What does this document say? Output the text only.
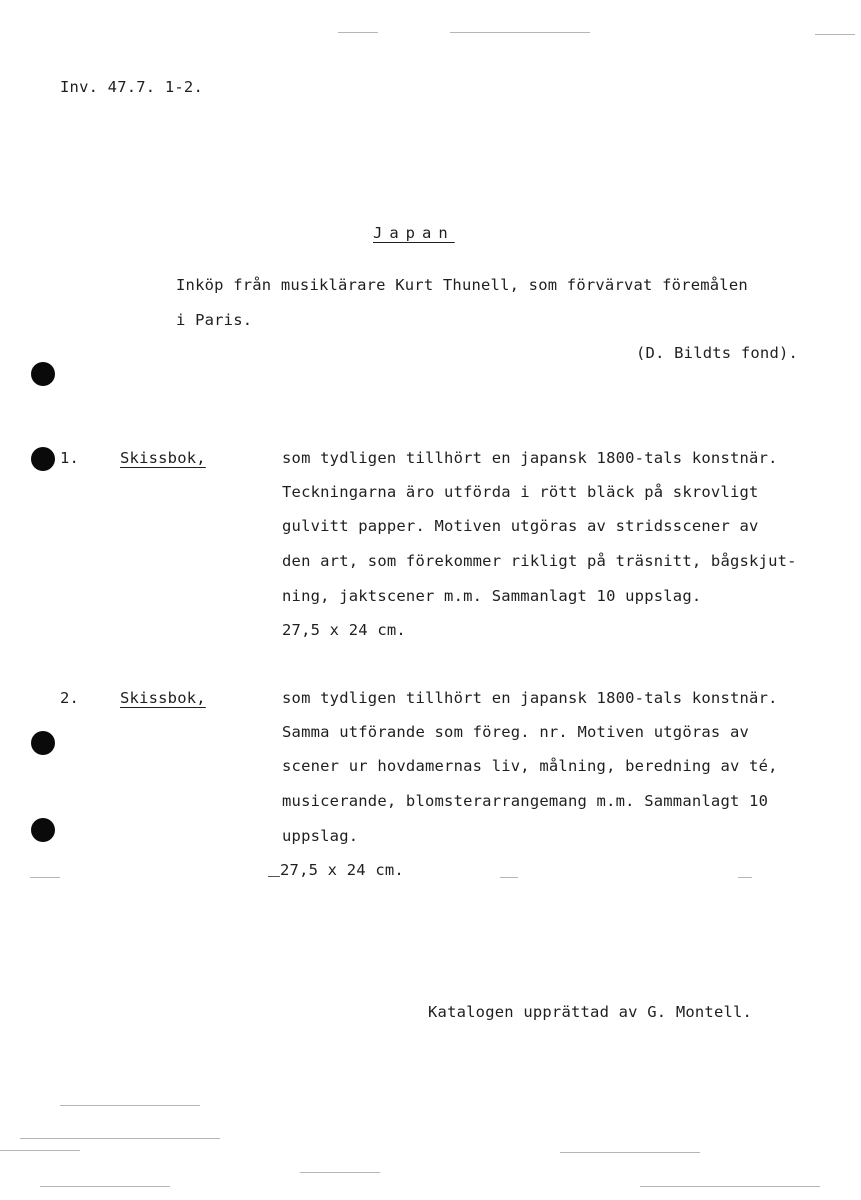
Inv. 47.7. 1-2.
Japan
Inköp från musiklärare Kurt Thunell, som förvärvat föremålen
i Paris.
(D. Bildts fond).
1.	Skissbok,	som tydligen tillhört en japansk 1800-tals konstnär.
Teckningarna äro utförda i rött bläck på skrovligt
gulvitt papper. Motiven utgöras av stridsscener av
den art, som förekommer rikligt på träsnitt, bågskjut-
ning, jaktscener m.m. Sammanlagt 10 uppslag.
27,5 x 24 cm.
2.	Skissbok,	som tydligen tillhört en japansk 1800-tals konstnär.
Samma utförande som föreg. nr. Motiven utgöras av
scener ur hovdamernas liv, målning, beredning av té,
musicerande, blomsterarrangemang m.m. Sammanlagt 10
uppslag.
27,5 x 24 cm.
Katalogen upprättad av G. Montell.
